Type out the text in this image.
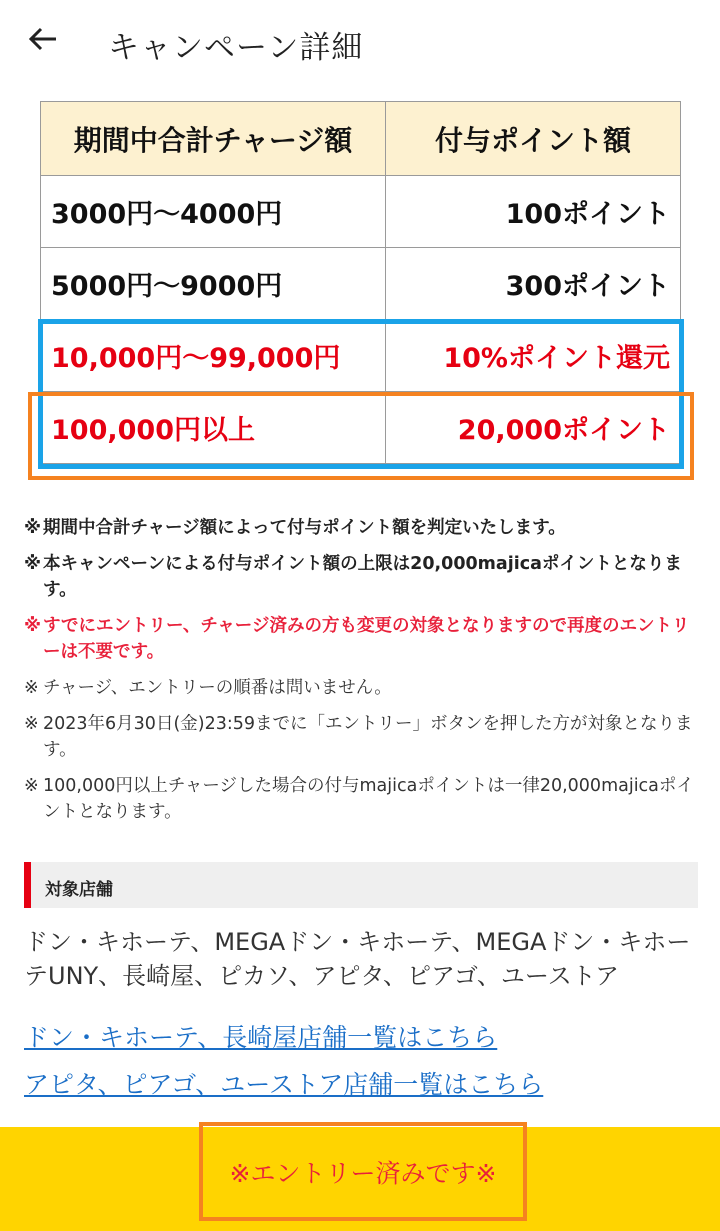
キャンペーン詳細
期間中合計チャージ額	付与ポイント額
3000円〜4000円	100ポイント
5000円〜9000円	300ポイント
10,000円〜99,000円	10%ポイント還元
100,000円以上	20,000ポイント
※ 期間中合計チャージ額によって付与ポイント額を判定いたします。
※ 本キャンペーンによる付与ポイント額の上限は20,000majicaポイントとなります。
※ すでにエントリー、チャージ済みの方も変更の対象となりますので再度のエントリーは不要です。
※ チャージ、エントリーの順番は問いません。
※ 2023年6月30日(金)23:59までに「エントリー」ボタンを押した方が対象となります。
※ 100,000円以上チャージした場合の付与majicaポイントは一律20,000majicaポイントとなります。
対象店舗
ドン・キホーテ、MEGAドン・キホーテ、MEGAドン・キホーテUNY、長崎屋、ピカソ、アピタ、ピアゴ、ユーストア
ドン・キホーテ、長崎屋店舗一覧はこちら
アピタ、ピアゴ、ユーストア店舗一覧はこちら
※エントリー済みです※
